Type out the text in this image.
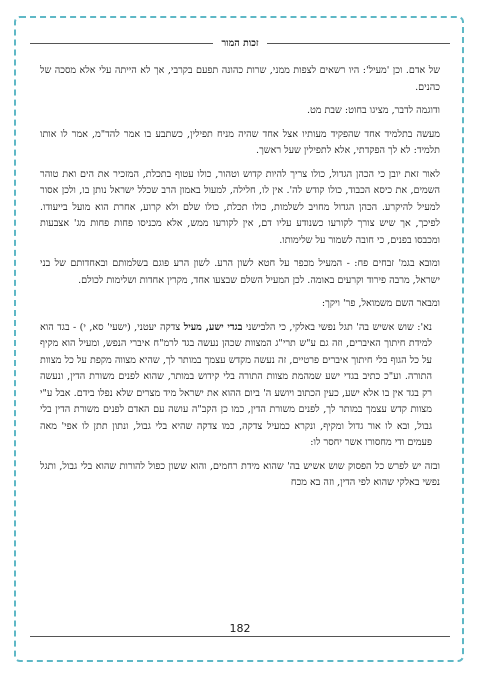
זכות המור

של אדם. וכן 'מעיל': היו רשאים לצפות ממני, שרות כהונה תפעם בקרבי, אך לא הייתה עלי אלא מסכה של כהנים.

ודוגמה לדבר, מציגו בחוט: שבת מט.

מעשה בתלמיד אחד שהפקיד מעותיו אצל אחד שהיה מניח תפילין, כשתבע בו אמר להד"מ, אמר לו אותו תלמיד: לא לך הפקדתי, אלא לתפילין שעל ראשך.

לאור זאת יובן כי הכהן הגדול, כולו צריך להיות קדוש וטהור, כולו עטוף בתכלת, המזכיר את הים ואת טוהר השמים, את כיסא הכבוד, כולו קודש לה'. אין לו, חלילה, למעול באמון הרב שכלל ישראל נותן בו, ולכן אסור למעיל להיקרע. הכהן הגדול מחויב לשלמות, כולו תכלת, כולו שלם ולא קרוע, אחרת הוא מועל בייעודו. לפיכך, אך שיש צורך לקורעו כשנודע עליו דם, אין לקורעו ממש, אלא מכניסו פחות פחות מג' אצבעות ומכבסו בפנים, כי חובה לשמור על שלימותו.

ומובא בגמ' זבחים פח: - המעיל מכפר על חטא לשון הרע. לשון הרע פוגם בשלמותם ובאחדותם של בני ישראל, מרבה פירוד וקרעים באומה. לכן המעיל השלם שבצעו אחד, מקרין אחדות ושלימות לכולם.

ומבאר השם משמואל, פר' ויקך:

נא': שוש אשיש בה' תגל נפשי באלקי, כי הלבישני בגדי ישע, מעיל צדקה יעטני, (ישעי' סא, י) - בגד הוא למידת חיתוך האיברים, וזה גם ע"ש תרי"ג המצוות שכהן נעשה בגד לרמ"ח איברי הנפש, ומעיל הוא מקיף על כל הגוף בלי חיתוך איברים פרטיים, זה נעשה מקדש עצמך במותר לך, שהיא מצווה מקפת על כל מצוות התורה. וע"כ כתיב בגדי ישע שמהמת מצוות התורה בלי קידוש במותר, שהוא לפנים משורת הדין, ונעשה רק בגד אין בו אלא ישע, כעין הכתוב ויושע ה' ביום ההוא את ישראל מיד מצרים שלא נפלו בידם. אבל ע"י מצוות קדש עצמך במותר לך, לפנים משורת הדין, כמו כן הקב"ה עושה עם האדם לפנים משורת הדין בלי גבול, ובא לו אור גדול ומקיף, ונקרא כמעיל צדקה, כמו צדקה שהיא בלי גבול, ונתון תתן לו אפי' מאה פעמים ודי מחסורו אשר יחסר לו:

ובזה יש לפרש כל הפסוק שוש אשיש בה' שהוא מידת רחמים, והוא ששון כפול להורות שהוא בלי גבול, ותגל נפשי באלקי שהוא לפי הדין, וזה בא מכח

182
